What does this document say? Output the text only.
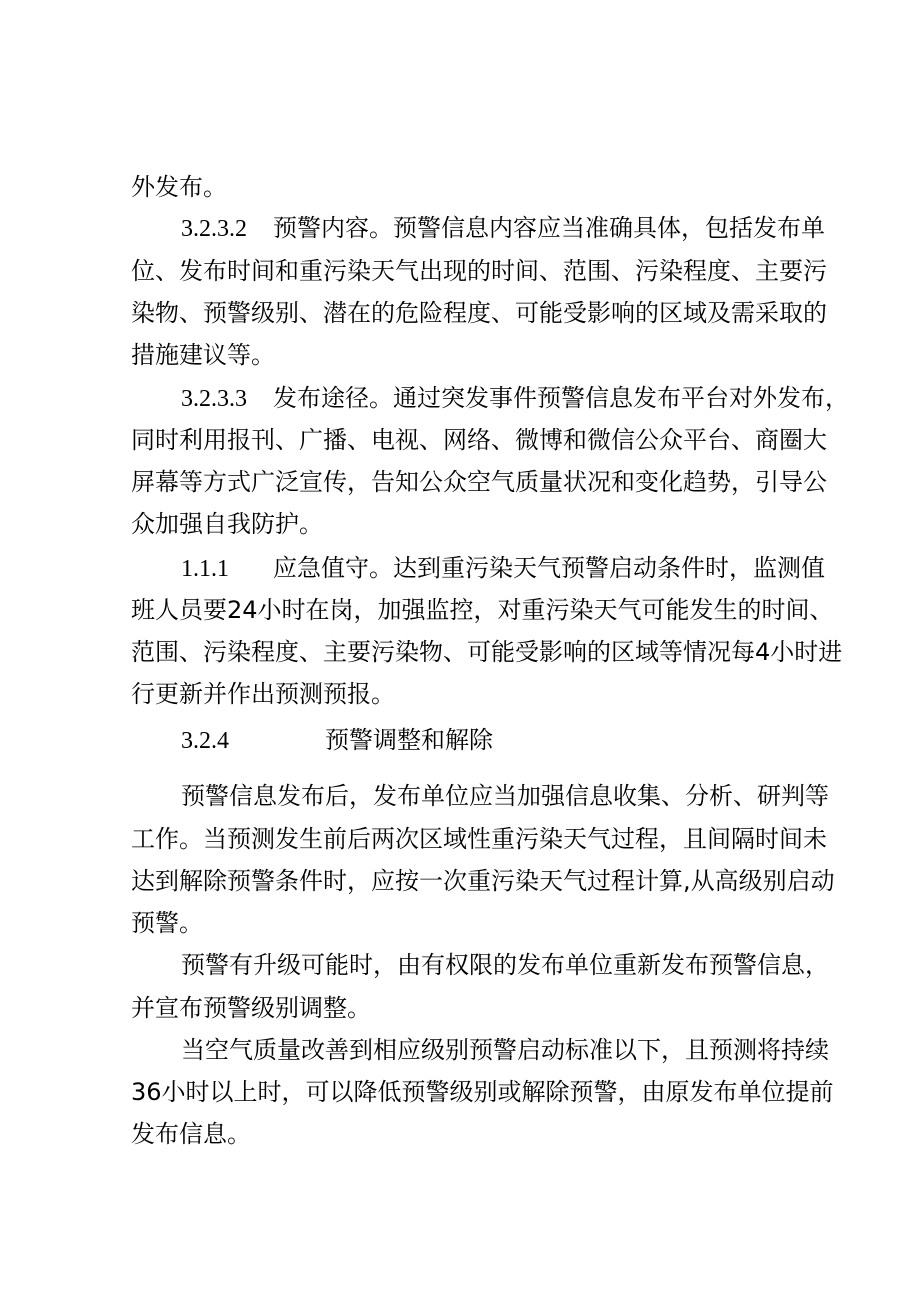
外发布。
3.2.3.2 预警内容。预警信息内容应当准确具体，包括发布单
位、发布时间和重污染天气出现的时间、范围、污染程度、主要污
染物、预警级别、潜在的危险程度、可能受影响的区域及需采取的
措施建议等。
3.2.3.3 发布途径。通过突发事件预警信息发布平台对外发布，
同时利用报刊、广播、电视、网络、微博和微信公众平台、商圈大
屏幕等方式广泛宣传，告知公众空气质量状况和变化趋势，引导公
众加强自我防护。
1.1.1 应急值守。达到重污染天气预警启动条件时，监测值
班人员要24小时在岗，加强监控，对重污染天气可能发生的时间、
范围、污染程度、主要污染物、可能受影响的区域等情况每4小时进
行更新并作出预测预报。
3.2.4	预警调整和解除
预警信息发布后，发布单位应当加强信息收集、分析、研判等
工作。当预测发生前后两次区域性重污染天气过程，且间隔时间未
达到解除预警条件时，应按一次重污染天气过程计算,从高级别启动
预警。
预警有升级可能时，由有权限的发布单位重新发布预警信息，
并宣布预警级别调整。
当空气质量改善到相应级别预警启动标准以下，且预测将持续
36小时以上时，可以降低预警级别或解除预警，由原发布单位提前
发布信息。
